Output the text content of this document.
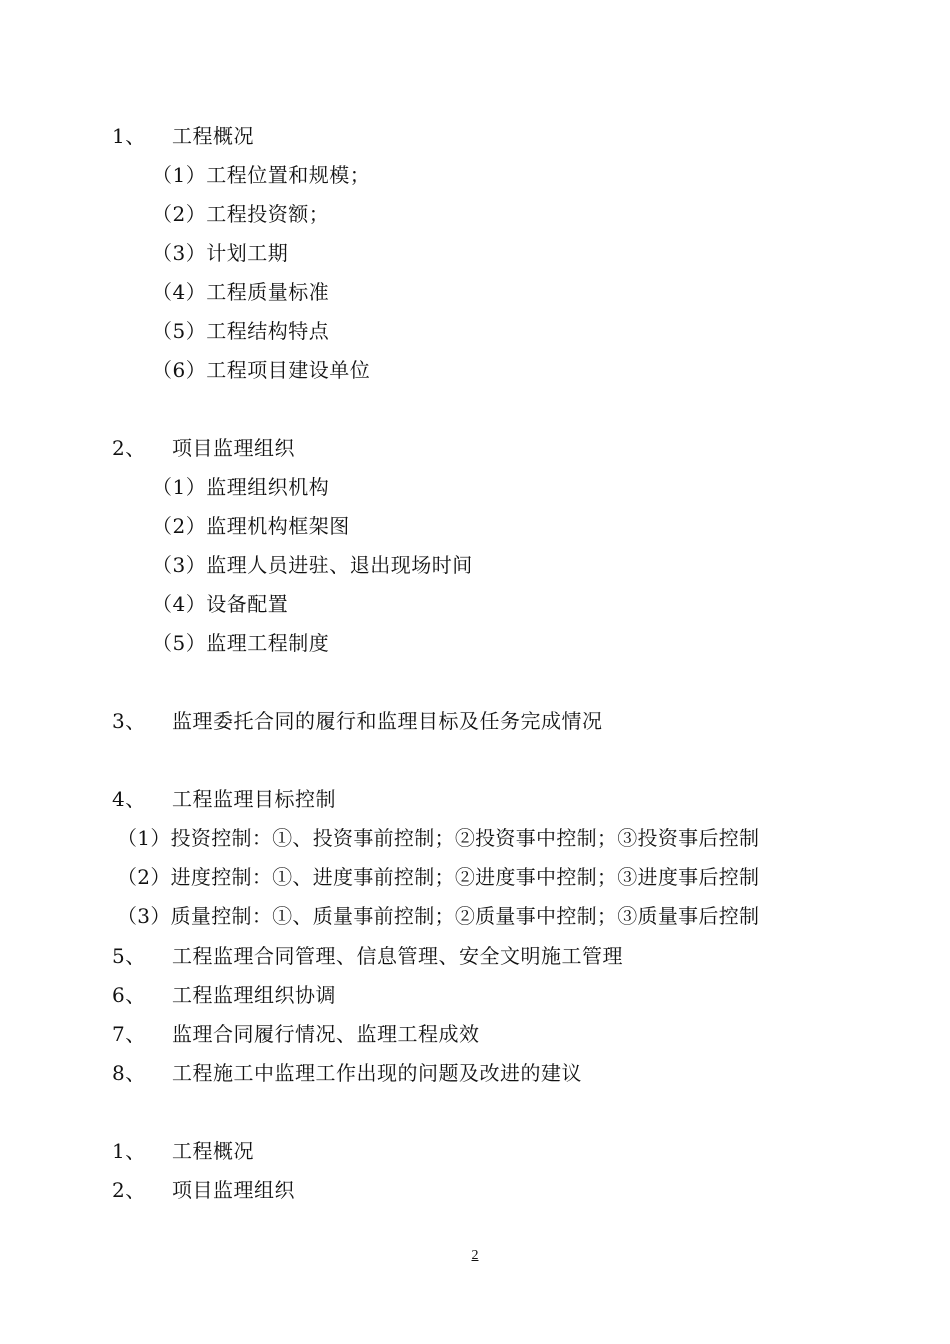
1、 工程概况
（1）工程位置和规模；
（2）工程投资额；
（3）计划工期
（4）工程质量标准
（5）工程结构特点
（6）工程项目建设单位
2、 项目监理组织
（1）监理组织机构
（2）监理机构框架图
（3）监理人员进驻、退出现场时间
（4）设备配置
（5）监理工程制度
3、 监理委托合同的履行和监理目标及任务完成情况
4、 工程监理目标控制
（1）投资控制：①、投资事前控制；②投资事中控制；③投资事后控制
（2）进度控制：①、进度事前控制；②进度事中控制；③进度事后控制
（3）质量控制：①、质量事前控制；②质量事中控制；③质量事后控制
5、 工程监理合同管理、信息管理、安全文明施工管理
6、 工程监理组织协调
7、 监理合同履行情况、监理工程成效
8、 工程施工中监理工作出现的问题及改进的建议
1、 工程概况
2、 项目监理组织
2
